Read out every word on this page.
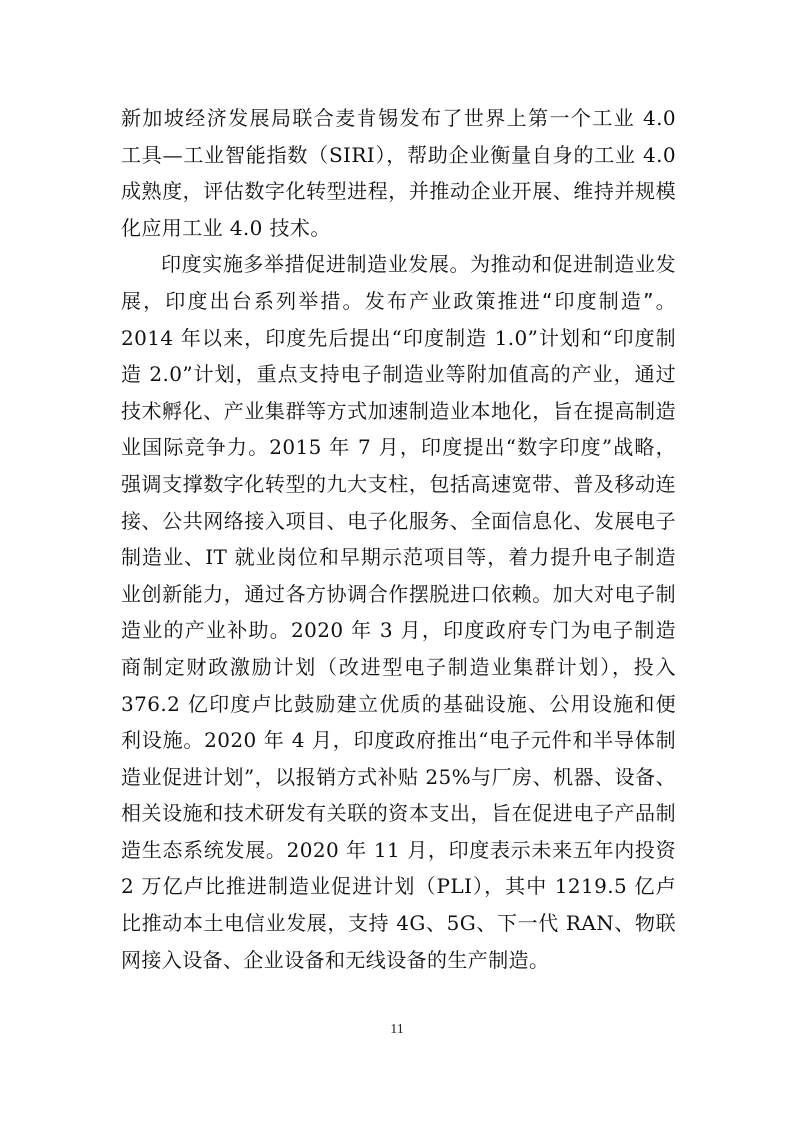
新加坡经济发展局联合麦肯锡发布了世界上第一个工业 4.0 工具—工业智能指数（SIRI），帮助企业衡量自身的工业 4.0 成熟度，评估数字化转型进程，并推动企业开展、维持并规模化应用工业 4.0 技术。

印度实施多举措促进制造业发展。为推动和促进制造业发展，印度出台系列举措。发布产业政策推进“印度制造”。2014 年以来，印度先后提出“印度制造 1.0”计划和“印度制造 2.0”计划，重点支持电子制造业等附加值高的产业，通过技术孵化、产业集群等方式加速制造业本地化，旨在提高制造业国际竞争力。2015 年 7 月，印度提出“数字印度”战略，强调支撑数字化转型的九大支柱，包括高速宽带、普及移动连接、公共网络接入项目、电子化服务、全面信息化、发展电子制造业、IT 就业岗位和早期示范项目等，着力提升电子制造业创新能力，通过各方协调合作摆脱进口依赖。加大对电子制造业的产业补助。2020 年 3 月，印度政府专门为电子制造商制定财政激励计划（改进型电子制造业集群计划），投入 376.2 亿印度卢比鼓励建立优质的基础设施、公用设施和便利设施。2020 年 4 月，印度政府推出“电子元件和半导体制造业促进计划”，以报销方式补贴 25%与厂房、机器、设备、相关设施和技术研发有关联的资本支出，旨在促进电子产品制造生态系统发展。2020 年 11 月，印度表示未来五年内投资 2 万亿卢比推进制造业促进计划（PLI），其中 1219.5 亿卢比推动本土电信业发展，支持 4G、5G、下一代 RAN、物联网接入设备、企业设备和无线设备的生产制造。

11
